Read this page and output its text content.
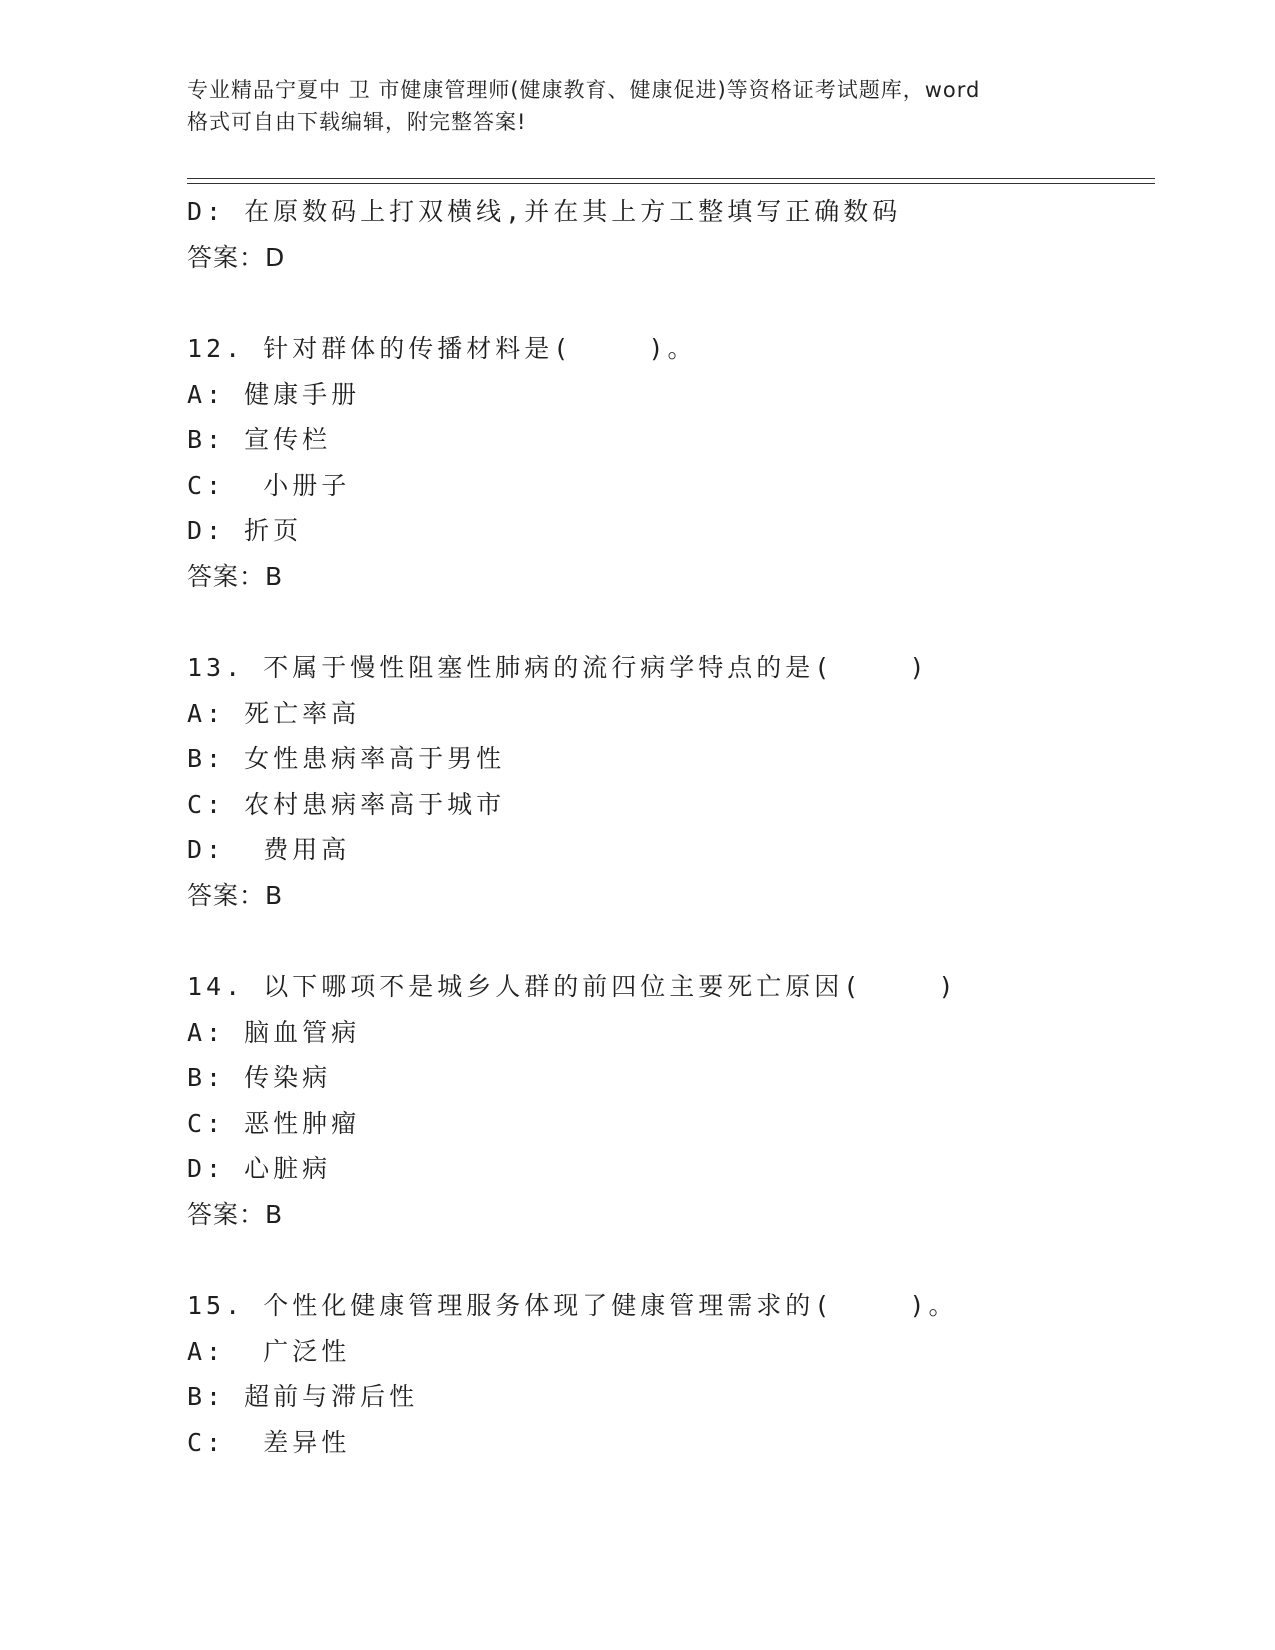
专业精品宁夏中 卫 市健康管理师(健康教育、健康促进)等资格证考试题库，word
格式可自由下载编辑，附完整答案!
D: 在原数码上打双横线,并在其上方工整填写正确数码
答案：D
12. 针对群体的传播材料是(    )。
A: 健康手册
B: 宣传栏
C:  小册子
D: 折页
答案：B
13. 不属于慢性阻塞性肺病的流行病学特点的是(    )
A: 死亡率高
B: 女性患病率高于男性
C: 农村患病率高于城市
D:  费用高
答案：B
14. 以下哪项不是城乡人群的前四位主要死亡原因(    )
A: 脑血管病
B: 传染病
C: 恶性肿瘤
D: 心脏病
答案：B
15. 个性化健康管理服务体现了健康管理需求的(    )。
A:  广泛性
B: 超前与滞后性
C:  差异性
